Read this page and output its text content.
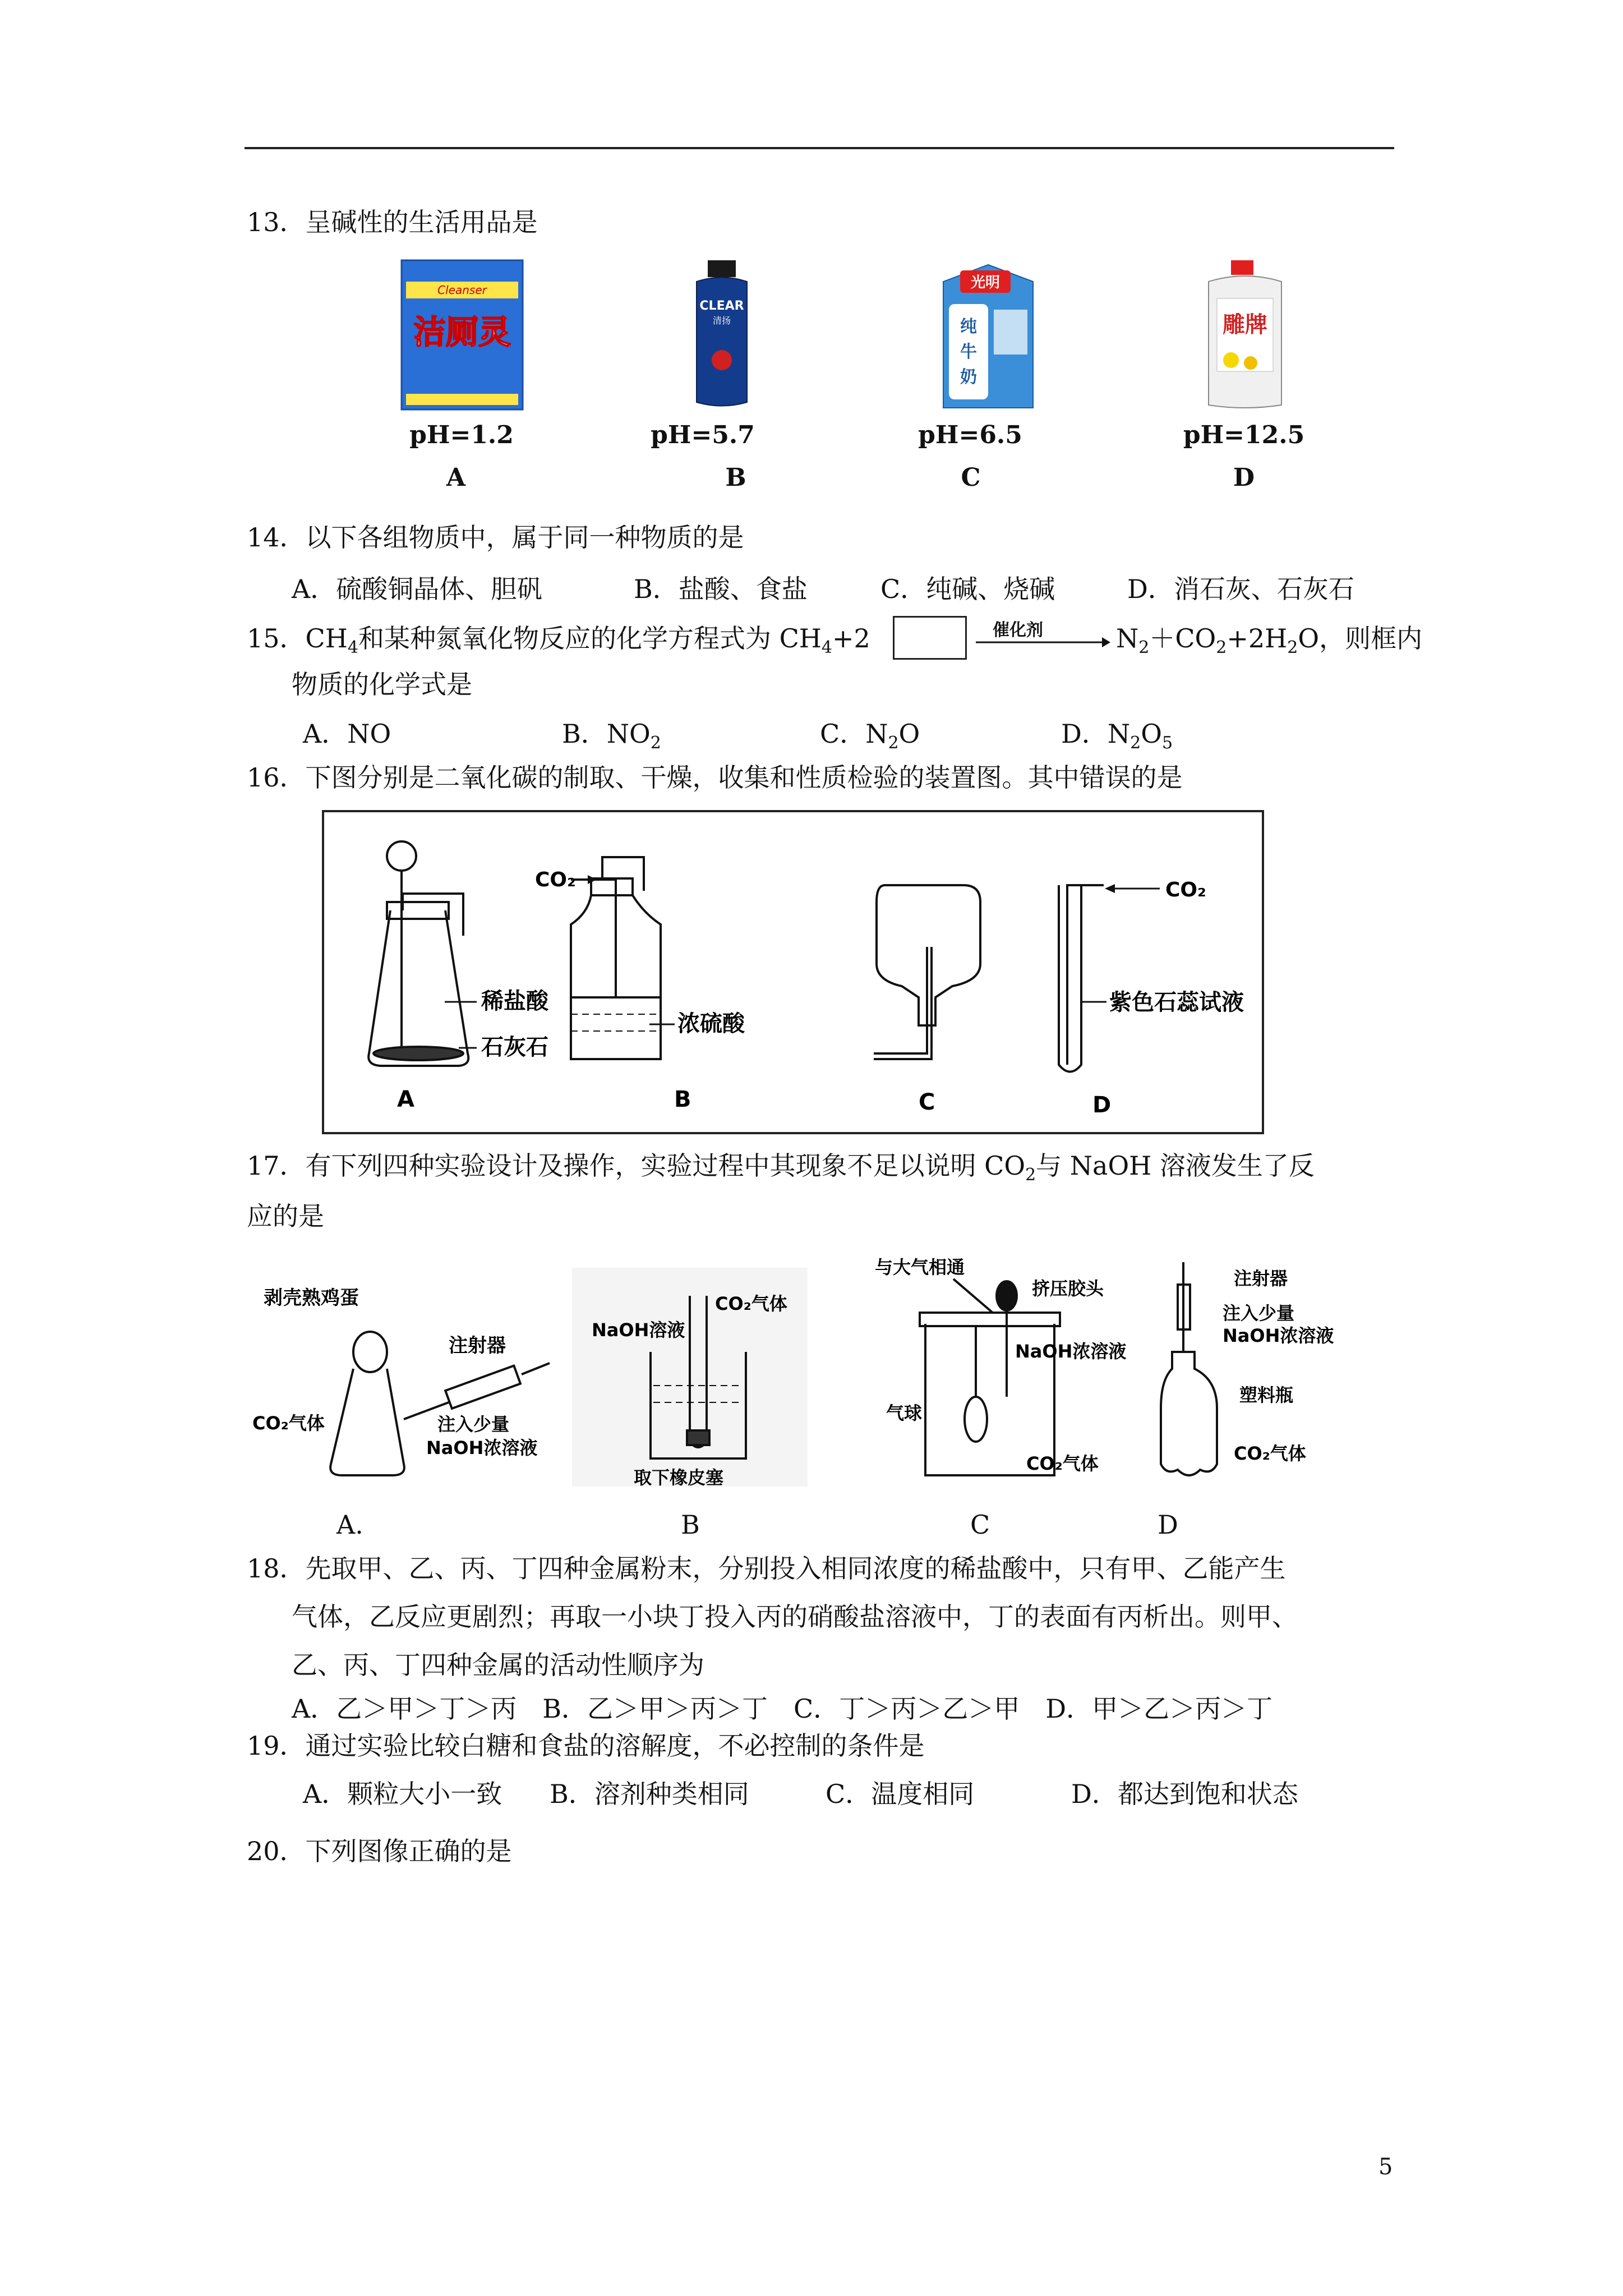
13．呈碱性的生活用品是
Cleanser
洁厕灵
CLEAR
清扬
光明
纯
牛
奶
雕牌
pH=1.2	pH=5.7	pH=6.5	pH=12.5
A	B	C	D
14．以下各组物质中，属于同一种物质的是
A．硫酸铜晶体、胆矾	B．盐酸、食盐	C．纯碱、烧碱	D．消石灰、石灰石
15．$CH_4$和某种氮氧化物反应的化学方程式为 $CH_4+2$	催化剂	$N_2+CO_2+2H_2O$，则框内
物质的化学式是
A．NO	B．$NO_2$	C．$N_2O$	D．$N_2O_5$
16．下图分别是二氧化碳的制取、干燥，收集和性质检验的装置图。其中错误的是
稀盐酸
石灰石
A
CO₂
浓硫酸
B	C
CO₂
紫色石蕊试液
D
17．有下列四种实验设计及操作，实验过程中其现象不足以说明 $CO_2$与 NaOH 溶液发生了反
应的是
剥壳熟鸡蛋
注射器
CO₂气体	注入少量
NaOH浓溶液
NaOH溶液
CO₂气体
取下橡皮塞
与大气相通
挤压胶头
NaOH浓溶液
气球
CO₂气体
注射器
注入少量
NaOH浓溶液
塑料瓶
CO₂气体
A.	B	C	D
18．先取甲、乙、丙、丁四种金属粉末，分别投入相同浓度的稀盐酸中，只有甲、乙能产生
气体，乙反应更剧烈；再取一小块丁投入丙的硝酸盐溶液中，丁的表面有丙析出。则甲、
乙、丙、丁四种金属的活动性顺序为
A．乙＞甲＞丁＞丙　B．乙＞甲＞丙＞丁　C．丁＞丙＞乙＞甲　D．甲＞乙＞丙＞丁
19．通过实验比较白糖和食盐的溶解度，不必控制的条件是
A．颗粒大小一致 B．溶剂种类相同	C．温度相同	D．都达到饱和状态
20．下列图像正确的是
5
